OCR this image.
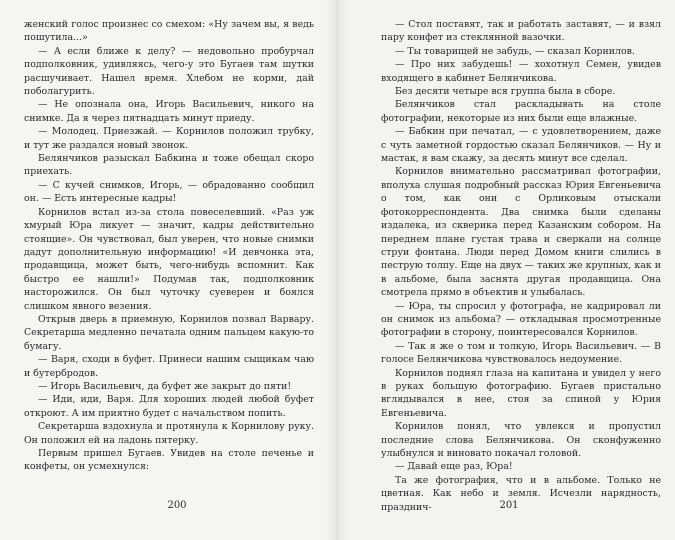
женский голос произнес со смехом: «Ну зачем вы, я ведь пошутила...»

— А если ближе к делу? — недовольно пробурчал подполковник, удивляясь, чего-у это Бугаев там шутки расшучивает. Нашел время. Хлебом не корми, дай поболагурить.

— Не опознала она, Игорь Васильевич, никого на снимке. Да я через пятнадцать минут приеду.

— Молодец. Приезжай. — Корнилов положил трубку, и тут же раздался новый звонок.

Белянчиков разыскал Бабкина и тоже обещал скоро приехать.

— С кучей снимков, Игорь, — обрадованно сообщил он. — Есть интересные кадры!

Корнилов встал из-за стола повеселевший. «Раз уж хмурый Юра ликует — значит, кадры действительно стоящие». Он чувствовал, был уверен, что новые снимки дадут дополнительную информацию! «И девчонка эта, продавщица, может быть, чего-нибудь вспомнит. Как быстро ее нашли!» Подумав так, подполковник насторожился. Он был чуточку суеверен и боялся слишком явного везения.

Открыв дверь в приемную, Корнилов позвал Варвару. Секретарша медленно печатала одним пальцем какую-то бумагу.

— Варя, сходи в буфет. Принеси нашим сыщикам чаю и бутербродов.

— Игорь Васильевич, да буфет же закрыт до пяти!

— Иди, иди, Варя. Для хороших людей любой буфет откроют. А им приятно будет с начальством попить.

Секретарша вздохнула и протянула к Корнилову руку. Он положил ей на ладонь пятерку.

Первым пришел Бугаев. Увидев на столе печенье и конфеты, он усмехнулся:

200

— Стол поставят, так и работать заставят, — и взял пару конфет из стеклянной вазочки.

— Ты товарищей не забудь, — сказал Корнилов.

— Про них забудешь! — хохотнул Семен, увидев входящего в кабинет Белянчикова.

Без десяти четыре вся группа была в сборе.

Белянчиков стал раскладывать на столе фотографии, некоторые из них были еще влажные.

— Бабкин при печатал, — с удовлетворением, даже с чуть заметной гордостью сказал Белянчиков. — Ну и мастак, я вам скажу, за десять минут все сделал.

Корнилов внимательно рассматривал фотографии, вполуха слушая подробный рассказ Юрия Евгеньевича о том, как они с Орликовым отыскали фотокорреспондента. Два снимка были сделаны издалека, из скверика перед Казанским собором. На переднем плане густая трава и сверкали на солнце струи фонтана. Люди перед Домом книги слились в пеструю толпу. Еще на двух — таких же крупных, как и в альбоме, была заснята другая продавщица. Она смотрела прямо в объектив и улыбалась.

— Юра, ты спросил у фотографа, не кадрировал ли он снимок из альбома? — откладывая просмотренные фотографии в сторону, поинтересовался Корнилов.

— Так я же о том и толкую, Игорь Васильевич. — В голосе Белянчикова чувствовалось недоумение.

Корнилов поднял глаза на капитана и увидел у него в руках большую фотографию. Бугаев пристально вглядывался в нее, стоя за спиной у Юрия Евгеньевича.

Корнилов понял, что увлекся и пропустил последние слова Белянчикова. Он сконфуженно улыбнулся и виновато покачал головой.

— Давай еще раз, Юра!

Та же фотография, что и в альбоме. Только не цветная. Как небо и земля. Исчезли нарядность, празднич-	201
